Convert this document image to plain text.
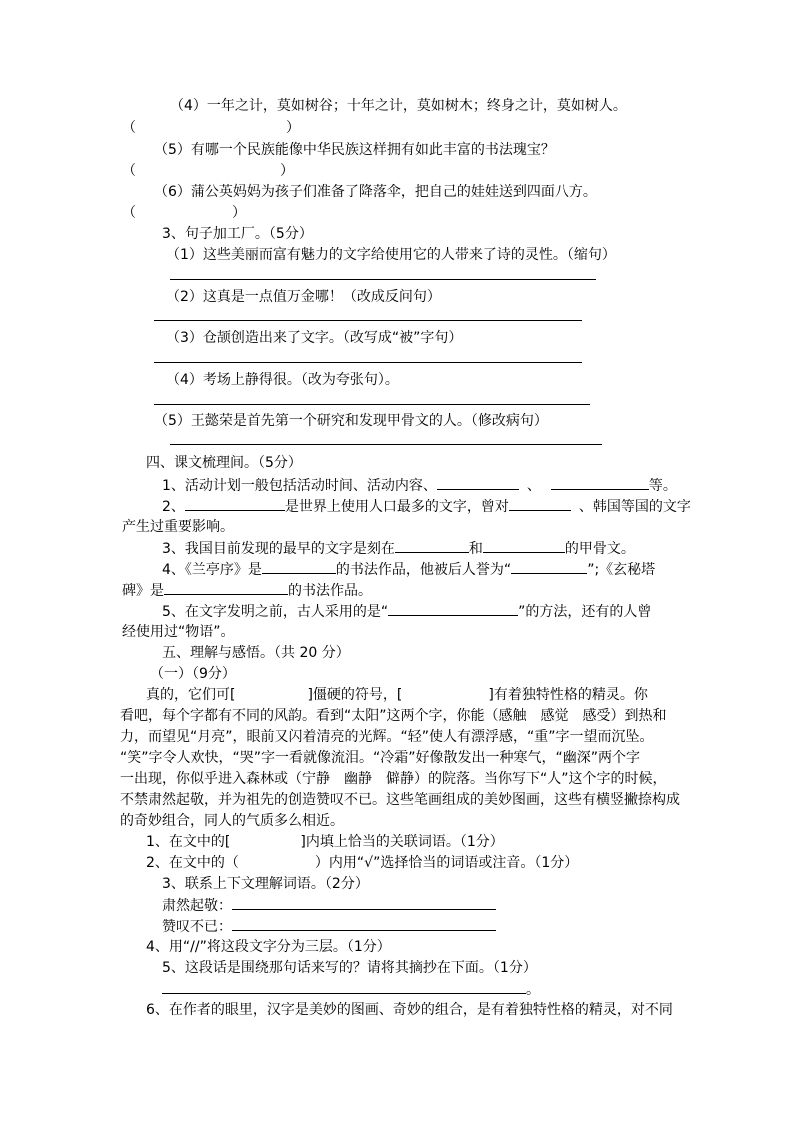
（4）一年之计，莫如树谷；十年之计，莫如树木；终身之计，莫如树人。
（	）
（5）有哪一个民族能像中华民族这样拥有如此丰富的书法瑰宝？
（	）
（6）蒲公英妈妈为孩子们准备了降落伞，把自己的娃娃送到四面八方。
（	）
3、句子加工厂。（5分）
（1）这些美丽而富有魅力的文字给使用它的人带来了诗的灵性。（缩句）
（2）这真是一点值万金哪！（改成反问句）
（3）仓颉创造出来了文字。（改写成“被”字句）
（4）考场上静得很。（改为夸张句）。
（5）王懿荣是首先第一个研究和发现甲骨文的人。（修改病句）
四、课文梳理间。（5分）
1、活动计划一般包括活动时间、活动内容、	、	等。
2、	是世界上使用人口最多的文字，曾对	、韩国等国的文字
产生过重要影响。
3、我国目前发现的最早的文字是刻在	和	的甲骨文。
4、《兰亭序》是	的书法作品，他被后人誉为“	”;《玄秘塔
碑》是	的书法作品。
5、在文字发明之前，古人采用的是“	”的方法，还有的人曾
经使用过“物语”。
五、理解与感悟。（共 20 分）
（一）（9分）
真的，它们可[	]僵硬的符号，[	]有着独特性格的精灵。你
看吧，每个字都有不同的风韵。看到“太阳”这两个字，你能（感触　感觉　感受）到热和
力，而望见“月亮”，眼前又闪着清亮的光辉。“轻”使人有漂浮感，“重”字一望而沉坠。
“笑”字令人欢快，“哭”字一看就像流泪。“冷霜”好像散发出一种寒气，“幽深”两个字
一出现，你似乎进入森林或（宁静　幽静　僻静）的院落。当你写下“人”这个字的时候，
不禁肃然起敬，并为祖先的创造赞叹不已。这些笔画组成的美妙图画，这些有横竖撇捺构成
的奇妙组合，同人的气质多么相近。
1、在文中的[	]内填上恰当的关联词语。（1分）
2、在文中的（	）内用“√”选择恰当的词语或注音。（1分）
3、联系上下文理解词语。（2分）
肃然起敬：
赞叹不已：
4、用“//”将这段文字分为三层。（1分）
5、这段话是围绕那句话来写的？请将其摘抄在下面。（1分）
。
6、在作者的眼里，汉字是美妙的图画、奇妙的组合，是有着独特性格的精灵，对不同
